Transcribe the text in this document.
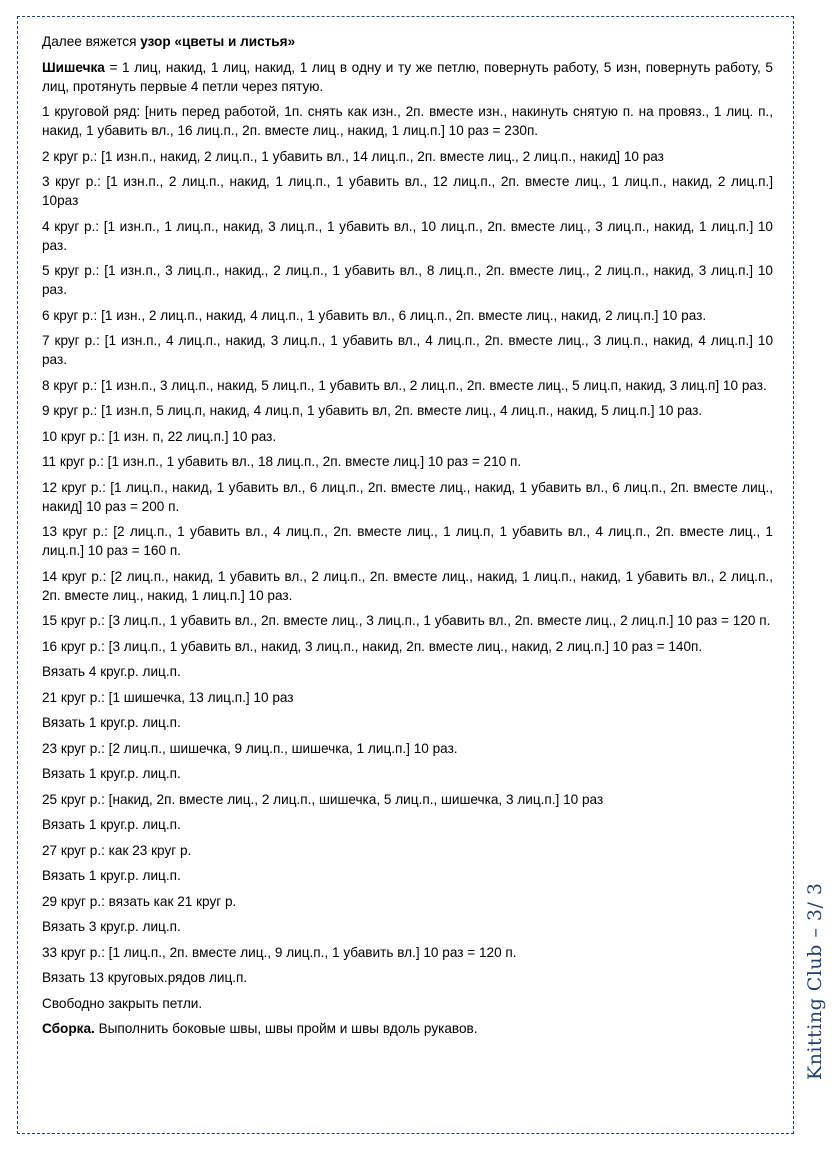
Далее вяжется узор «цветы и листья»

Шишечка = 1 лиц, накид, 1 лиц, накид, 1 лиц в одну и ту же петлю, повернуть работу, 5 изн, повернуть работу, 5 лиц, протянуть первые 4 петли через пятую.

1 круговой ряд: [нить перед работой, 1п. снять как изн., 2п. вместе изн., накинуть снятую п. на провяз., 1 лиц. п., накид, 1 убавить вл., 16 лиц.п., 2п. вместе лиц., накид, 1 лиц.п.] 10 раз = 230п.

2 круг р.: [1 изн.п., накид, 2 лиц.п., 1 убавить вл., 14 лиц.п., 2п. вместе лиц., 2 лиц.п., накид] 10 раз

3 круг р.: [1 изн.п., 2 лиц.п., накид, 1 лиц.п., 1 убавить вл., 12 лиц.п., 2п. вместе лиц., 1 лиц.п., накид, 2 лиц.п.] 10раз

4 круг р.: [1 изн.п., 1 лиц.п., накид, 3 лиц.п., 1 убавить вл., 10 лиц.п., 2п. вместе лиц., 3 лиц.п., накид, 1 лиц.п.] 10 раз.

5 круг р.: [1 изн.п., 3 лиц.п., накид., 2 лиц.п., 1 убавить вл., 8 лиц.п., 2п. вместе лиц., 2 лиц.п., накид, 3 лиц.п.] 10 раз.

6 круг р.: [1 изн., 2 лиц.п., накид, 4 лиц.п., 1 убавить вл., 6 лиц.п., 2п. вместе лиц., накид, 2 лиц.п.] 10 раз.

7 круг р.: [1 изн.п., 4 лиц.п., накид, 3 лиц.п., 1 убавить вл., 4 лиц.п., 2п. вместе лиц., 3 лиц.п., накид, 4 лиц.п.] 10 раз.

8 круг р.: [1 изн.п., 3 лиц.п., накид, 5 лиц.п., 1 убавить вл., 2 лиц.п., 2п. вместе лиц., 5 лиц.п, накид, 3 лиц.п] 10 раз.

9 круг р.: [1 изн.п, 5 лиц.п, накид, 4 лиц.п, 1 убавить вл, 2п. вместе лиц., 4 лиц.п., накид, 5 лиц.п.] 10 раз.

10 круг р.: [1 изн. п, 22 лиц.п.] 10 раз.

11 круг р.: [1 изн.п., 1 убавить вл., 18 лиц.п., 2п. вместе лиц.] 10 раз = 210 п.

12 круг р.: [1 лиц.п., накид, 1 убавить вл., 6 лиц.п., 2п. вместе лиц., накид, 1 убавить вл., 6 лиц.п., 2п. вместе лиц., накид] 10 раз = 200 п.

13 круг р.: [2 лиц.п., 1 убавить вл., 4 лиц.п., 2п. вместе лиц., 1 лиц.п, 1 убавить вл., 4 лиц.п., 2п. вместе лиц., 1 лиц.п.] 10 раз = 160 п.

14 круг р.: [2 лиц.п., накид, 1 убавить вл., 2 лиц.п., 2п. вместе лиц., накид, 1 лиц.п., накид, 1 убавить вл., 2 лиц.п., 2п. вместе лиц., накид, 1 лиц.п.] 10 раз.

15 круг р.: [3 лиц.п., 1 убавить вл., 2п. вместе лиц., 3 лиц.п., 1 убавить вл., 2п. вместе лиц., 2 лиц.п.] 10 раз = 120 п.

16 круг р.: [3 лиц.п., 1 убавить вл., накид, 3 лиц.п., накид, 2п. вместе лиц., накид, 2 лиц.п.] 10 раз = 140п.

Вязать 4 круг.р. лиц.п.

21 круг р.: [1 шишечка, 13 лиц.п.] 10 раз

Вязать 1 круг.р. лиц.п.

23 круг р.: [2 лиц.п., шишечка, 9 лиц.п., шишечка, 1 лиц.п.] 10 раз.

Вязать 1 круг.р. лиц.п.

25 круг р.: [накид, 2п. вместе лиц., 2 лиц.п., шишечка, 5 лиц.п., шишечка, 3 лиц.п.] 10 раз

Вязать 1 круг.р. лиц.п.

27 круг р.: как 23 круг р.

Вязать 1 круг.р. лиц.п.

29 круг р.: вязать как 21 круг р.

Вязать 3 круг.р. лиц.п.

33 круг р.: [1 лиц.п., 2п. вместе лиц., 9 лиц.п., 1 убавить вл.] 10 раз = 120 п.

Вязать 13 круговых.рядов лиц.п.

Свободно закрыть петли.

Сборка. Выполнить боковые швы, швы пройм и швы вдоль рукавов.	Knitting Club – 3/ 3
